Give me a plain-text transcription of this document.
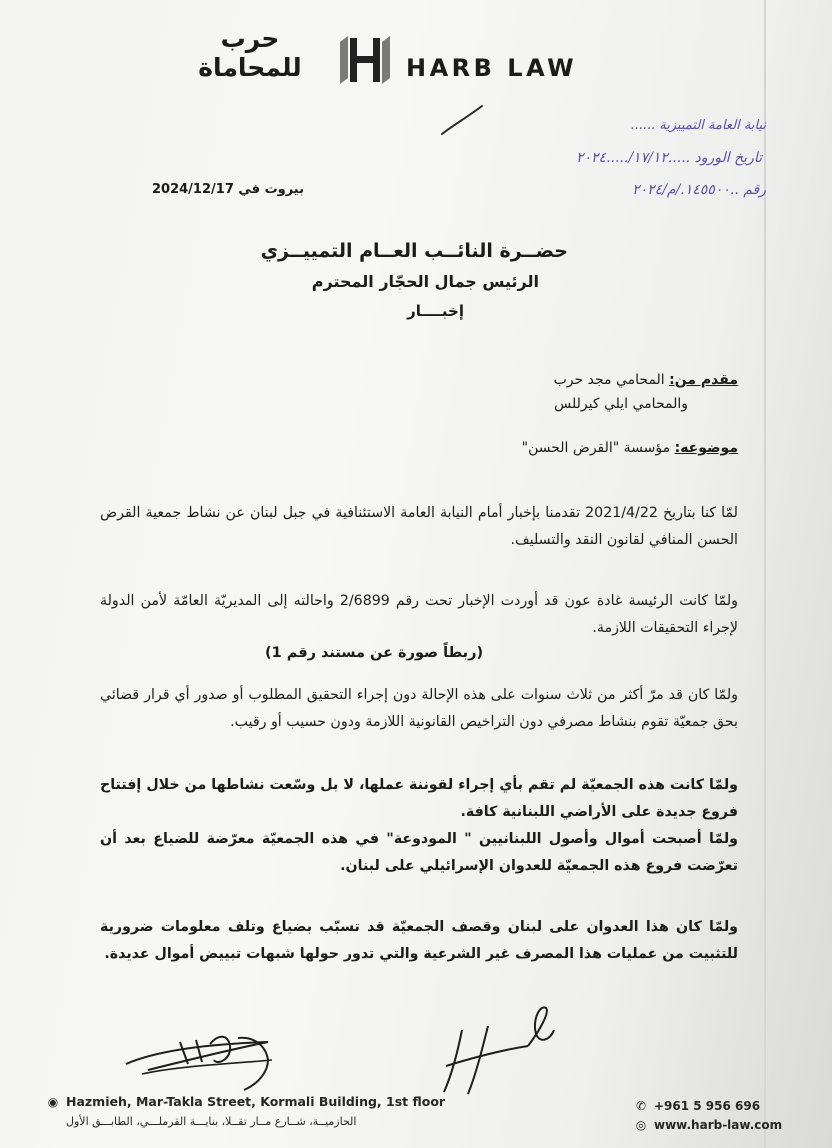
حرب للمحاماة	HARB LAW
نيابة العامة التمييزية ......
تاريخ الورود .....١٧/١٢/.....٢٠٢٤
رقم ..١٤٥٥٠٠./م/٢٠٢٤
بيروت في 2024/12/17
حضــرة النائــب العــام التمييــزي
الرئيس جمال الحجّار المحترم
إخبــــار
مقدم من: المحامي مجد حرب
والمحامي ايلي كيرللس
موضوعه: مؤسسة "القرض الحسن"
لمّا كنا بتاريخ 2021/4/22 تقدمنا بإخبار أمام النيابة العامة الاستئنافية في جبل لبنان عن نشاط جمعية القرض الحسن المنافي لقانون النقد والتسليف.
ولمّا كانت الرئيسة غادة عون قد أوردت الإخبار تحت رقم 2/6899 واحالته إلى المديريّة العامّة لأمن الدولة لإجراء التحقيقات اللازمة.
(ربطاً صورة عن مستند رقم 1)
ولمّا كان قد مرّ أكثر من ثلاث سنوات على هذه الإحالة دون إجراء التحقيق المطلوب أو صدور أي قرار قضائي بحق جمعيّة تقوم بنشاط مصرفي دون التراخيص القانونية اللازمة ودون حسيب أو رقيب.
ولمّا كانت هذه الجمعيّة لم تقم بأي إجراء لقوننة عملها، لا بل وسّعت نشاطها من خلال إفتتاح فروع جديدة على الأراضي اللبنانية كافة.
ولمّا أصبحت أموال وأصول اللبنانيين " المودوعة" في هذه الجمعيّة معرّضة للضياع بعد أن تعرّضت فروع هذه الجمعيّة للعدوان الإسرائيلي على لبنان.
ولمّا كان هذا العدوان على لبنان وقصف الجمعيّة قد تسبّب بضياع وتلف معلومات ضرورية للتثبيت من عمليات هذا المصرف غير الشرعية والتي تدور حولها شبهات تبييض أموال عديدة.
◉ Hazmieh, Mar-Takla Street, Kormali Building, 1st floor
الحازميــة، شــارع مــار تقــلا، بنايـــة القرملـــي، الطابـــق الأول
✆ +961 5 956 696
◎ www.harb-law.com
